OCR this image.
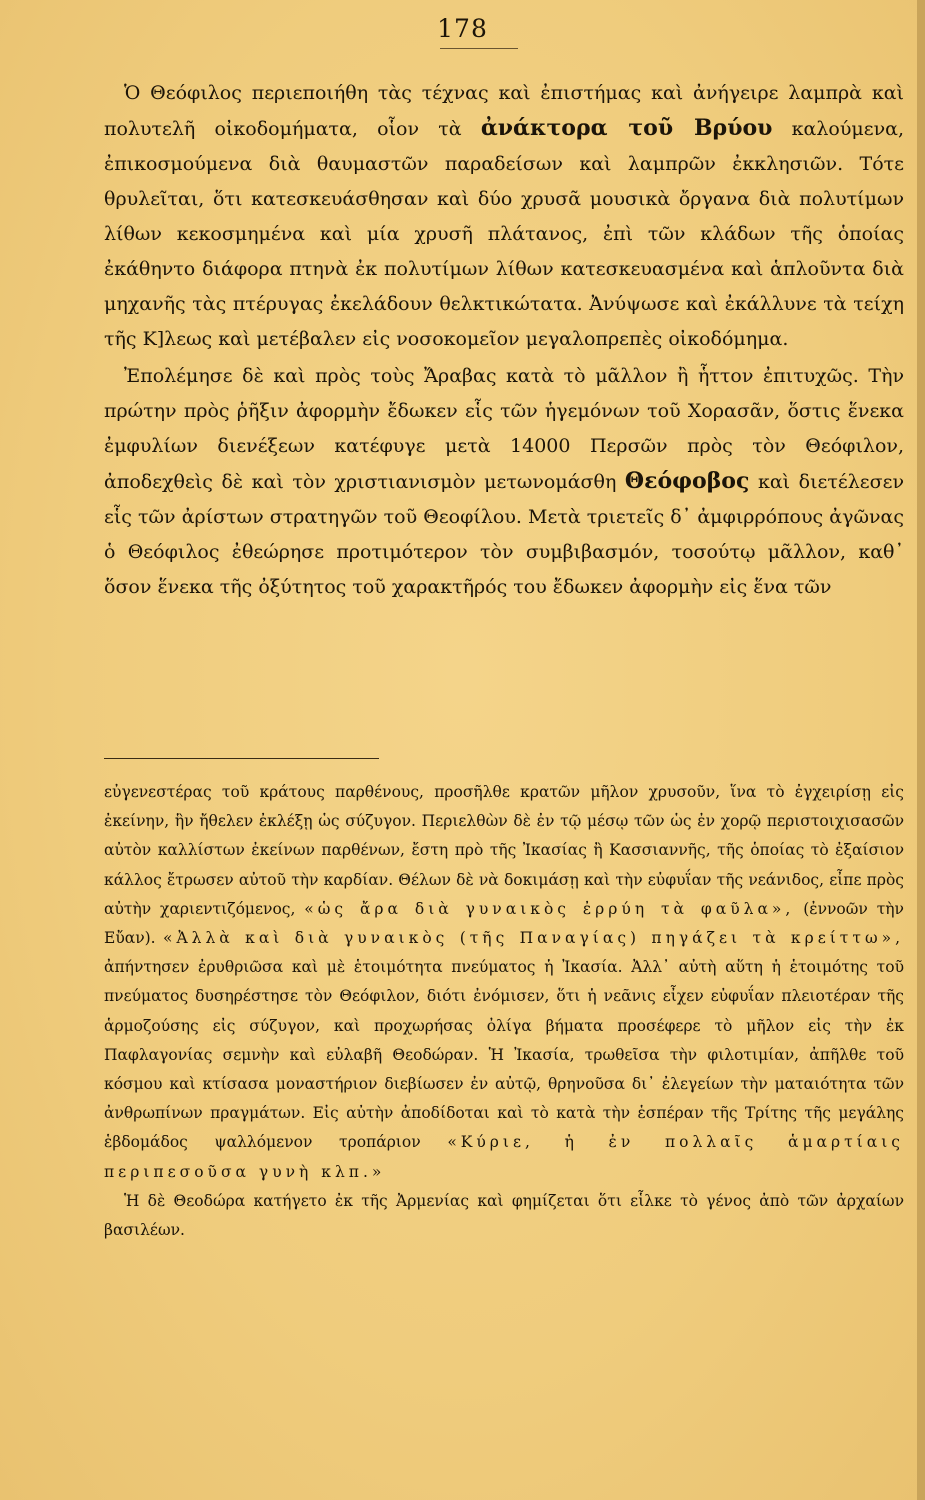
178

Ὁ Θεόφιλος περιεποιήθη τὰς τέχνας καὶ ἐπιστήμας καὶ ἀνήγειρε λαμπρὰ καὶ πολυτελῆ οἰκοδομήματα, οἷον τὰ ἀνάκτορα τοῦ Βρύου καλούμενα, ἐπικοσμούμενα διὰ θαυμαστῶν παραδείσων καὶ λαμπρῶν ἐκκλησιῶν. Τότε θρυλεῖται, ὅτι κατεσκευάσθησαν καὶ δύο χρυσᾶ μουσικὰ ὄργανα διὰ πολυτίμων λίθων κεκοσμημένα καὶ μία χρυσῆ πλάτανος, ἐπὶ τῶν κλάδων τῆς ὁποίας ἐκάθηντο διάφορα πτηνὰ ἐκ πολυτίμων λίθων κατεσκευασμένα καὶ ἁπλοῦντα διὰ μηχανῆς τὰς πτέρυγας ἐκελάδουν θελκτικώτατα. Ἀνύψωσε καὶ ἐκάλλυνε τὰ τείχη τῆς Κ]λεως καὶ μετέβαλεν εἰς νοσοκομεῖον μεγαλοπρεπὲς οἰκοδόμημα.

Ἐπολέμησε δὲ καὶ πρὸς τοὺς Ἄραβας κατὰ τὸ μᾶλλον ἢ ἧττον ἐπιτυχῶς. Τὴν πρώτην πρὸς ῥῆξιν ἀφορμὴν ἔδωκεν εἷς τῶν ἡγεμόνων τοῦ Χορασᾶν, ὅστις ἕνεκα ἐμφυλίων διενέξεων κατέφυγε μετὰ 14000 Περσῶν πρὸς τὸν Θεόφιλον, ἀποδεχθεὶς δὲ καὶ τὸν χριστιανισμὸν μετωνομάσθη Θεόφοβος καὶ διετέλεσεν εἷς τῶν ἀρίστων στρατηγῶν τοῦ Θεοφίλου. Μετὰ τριετεῖς δ᾽ ἀμφιρρόπους ἀγῶνας ὁ Θεόφιλος ἐθεώρησε προτιμότερον τὸν συμβιβασμόν, τοσούτῳ μᾶλλον, καθ᾽ ὅσον ἕνεκα τῆς ὀξύτητος τοῦ χαρακτῆρός του ἔδωκεν ἀφορμὴν εἰς ἕνα τῶν

εὐγενεστέρας τοῦ κράτους παρθένους, προσῆλθε κρατῶν μῆλον χρυσοῦν, ἵνα τὸ ἐγχειρίσῃ εἰς ἐκείνην, ἣν ἤθελεν ἐκλέξῃ ὡς σύζυγον. Περιελθὼν δὲ ἐν τῷ μέσῳ τῶν ὡς ἐν χορῷ περιστοιχισασῶν αὐτὸν καλλίστων ἐκείνων παρθένων, ἔστη πρὸ τῆς Ἰκασίας ἢ Κασσιαννῆς, τῆς ὁποίας τὸ ἐξαίσιον κάλλος ἔτρωσεν αὐτοῦ τὴν καρδίαν. Θέλων δὲ νὰ δοκιμάσῃ καὶ τὴν εὐφυΐαν τῆς νεάνιδος, εἶπε πρὸς αὐτὴν χαριεντιζόμενος, «ὡς ἄρα διὰ γυναικὸς ἐρρύη τὰ φαῦλα», (ἐννοῶν τὴν Εὔαν). «Ἀλλὰ καὶ διὰ γυναικὸς (τῆς Παναγίας) πηγάζει τὰ κρείττω», ἀπήντησεν ἐρυθριῶσα καὶ μὲ ἑτοιμότητα πνεύματος ἡ Ἰκασία. Ἀλλ᾽ αὐτὴ αὕτη ἡ ἑτοιμότης τοῦ πνεύματος δυσηρέστησε τὸν Θεόφιλον, διότι ἐνόμισεν, ὅτι ἡ νεᾶνις εἶχεν εὐφυΐαν πλειοτέραν τῆς ἁρμοζούσης εἰς σύζυγον, καὶ προχωρήσας ὀλίγα βήματα προσέφερε τὸ μῆλον εἰς τὴν ἐκ Παφλαγονίας σεμνὴν καὶ εὐλαβῆ Θεοδώραν. Ἡ Ἰκασία, τρωθεῖσα τὴν φιλοτιμίαν, ἀπῆλθε τοῦ κόσμου καὶ κτίσασα μοναστήριον διεβίωσεν ἐν αὐτῷ, θρηνοῦσα δι᾽ ἐλεγείων τὴν ματαιότητα τῶν ἀνθρωπίνων πραγμάτων. Εἰς αὐτὴν ἀποδίδοται καὶ τὸ κατὰ τὴν ἑσπέραν τῆς Τρίτης τῆς μεγάλης ἑβδομάδος ψαλλόμενον τροπάριον «Κύριε, ἡ ἐν πολλαῖς ἁμαρτίαις περιπεσοῦσα γυνὴ κλπ.»

Ἡ δὲ Θεοδώρα κατήγετο ἐκ τῆς Ἀρμενίας καὶ φημίζεται ὅτι εἷλκε τὸ γένος ἀπὸ τῶν ἀρχαίων βασιλέων.
